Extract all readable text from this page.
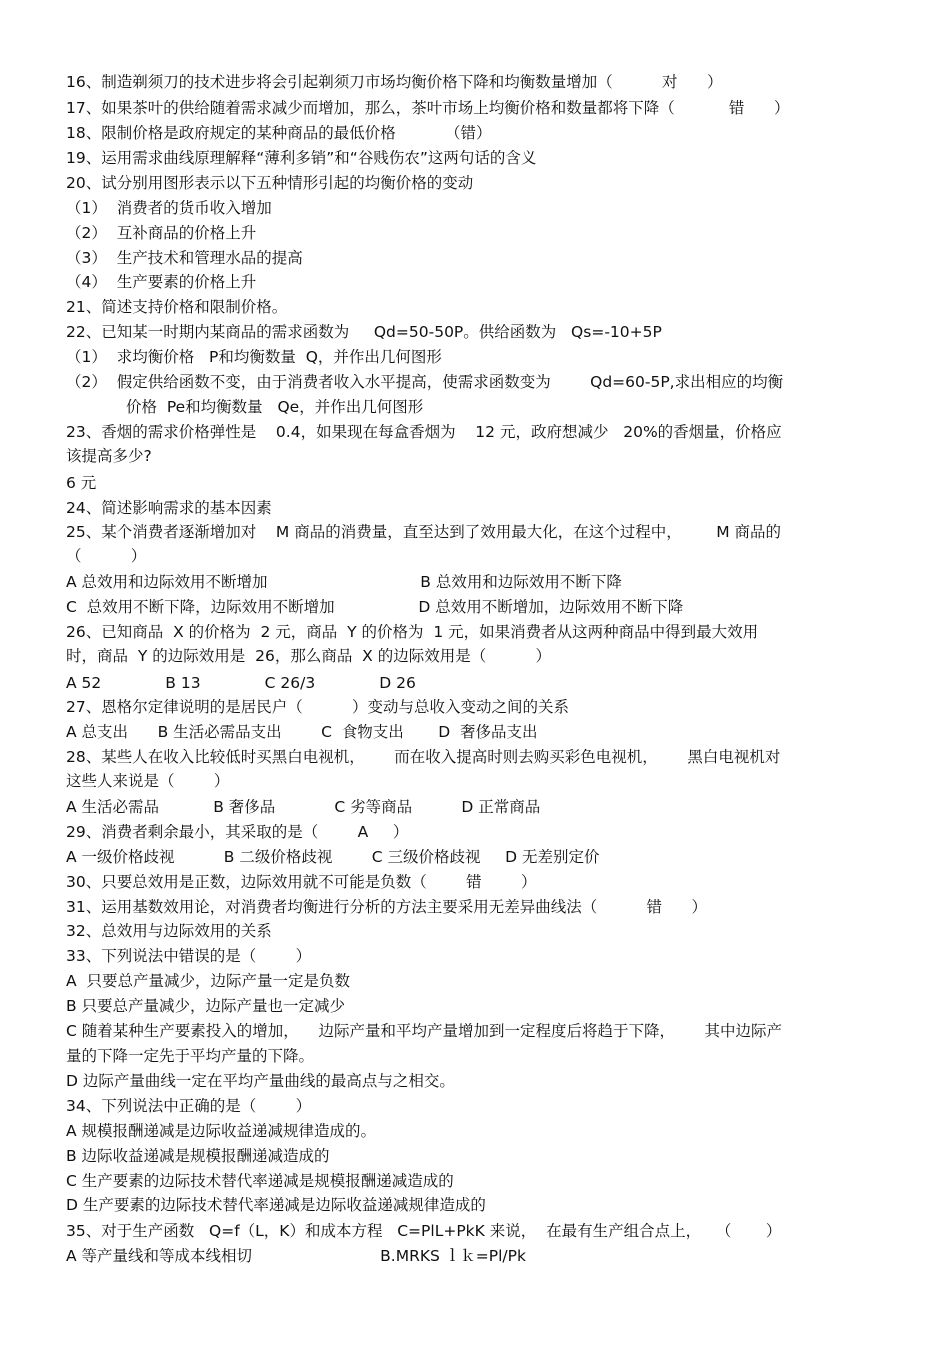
16、制造剃须刀的技术进步将会引起剃须刀市场均衡价格下降和均衡数量增加（          对      ）
17、如果茶叶的供给随着需求减少而增加，那么，茶叶市场上均衡价格和数量都将下降（           错      ）
18、限制价格是政府规定的某种商品的最低价格          （错）
19、运用需求曲线原理解释“薄利多销”和“谷贱伤农”这两句话的含义
20、试分别用图形表示以下五种情形引起的均衡价格的变动
（1）  消费者的货币收入增加
（2）  互补商品的价格上升
（3）  生产技术和管理水品的提高
（4）  生产要素的价格上升
21、简述支持价格和限制价格。
22、已知某一时期内某商品的需求函数为     Qd=50-50P。供给函数为   Qs=-10+5P
（1）  求均衡价格   P和均衡数量  Q，并作出几何图形
（2）  假定供给函数不变，由于消费者收入水平提高，使需求函数变为        Qd=60-5P,求出相应的均衡
价格  Pe和均衡数量   Qe，并作出几何图形
23、香烟的需求价格弹性是    0.4，如果现在每盒香烟为    12 元，政府想减少   20%的香烟量，价格应
该提高多少?
6 元
24、简述影响需求的基本因素
25、某个消费者逐渐增加对    M 商品的消费量，直至达到了效用最大化，在这个过程中，       M 商品的
（          ）
A 总效用和边际效用不断增加                               B 总效用和边际效用不断下降
C  总效用不断下降，边际效用不断增加                 D 总效用不断增加，边际效用不断下降
26、已知商品  X 的价格为  2 元，商品  Y 的价格为  1 元，如果消费者从这两种商品中得到最大效用
时，商品  Y 的边际效用是  26，那么商品  X 的边际效用是（          ）
A 52             B 13             C 26/3             D 26
27、恩格尔定律说明的是居民户（          ）变动与总收入变动之间的关系
A 总支出      B 生活必需品支出        C  食物支出       D  奢侈品支出
28、某些人在收入比较低时买黑白电视机，      而在收入提高时则去购买彩色电视机，      黑白电视机对
这些人来说是（        ）
A 生活必需品           B 奢侈品            C 劣等商品          D 正常商品
29、消费者剩余最小，其采取的是（        A     ）
A 一级价格歧视          B 二级价格歧视        C 三级价格歧视     D 无差别定价
30、只要总效用是正数，边际效用就不可能是负数（        错        ）
31、运用基数效用论，对消费者均衡进行分析的方法主要采用无差异曲线法（          错      ）
32、总效用与边际效用的关系
33、下列说法中错误的是（        ）
A  只要总产量减少，边际产量一定是负数
B 只要总产量减少，边际产量也一定减少
C 随着某种生产要素投入的增加，    边际产量和平均产量增加到一定程度后将趋于下降，      其中边际产
量的下降一定先于平均产量的下降。
D 边际产量曲线一定在平均产量曲线的最高点与之相交。
34、下列说法中正确的是（        ）
A 规模报酬递减是边际收益递减规律造成的。
B 边际收益递减是规模报酬递减造成的
C 生产要素的边际技术替代率递减是规模报酬递减造成的
D 生产要素的边际技术替代率递减是边际收益递减规律造成的
35、对于生产函数   Q=f（L，K）和成本方程   C=PlL+PkK 来说，  在最有生产组合点上，   （       ）
A 等产量线和等成本线相切                          B.MRKS ｌｋ=Pl/Pk
